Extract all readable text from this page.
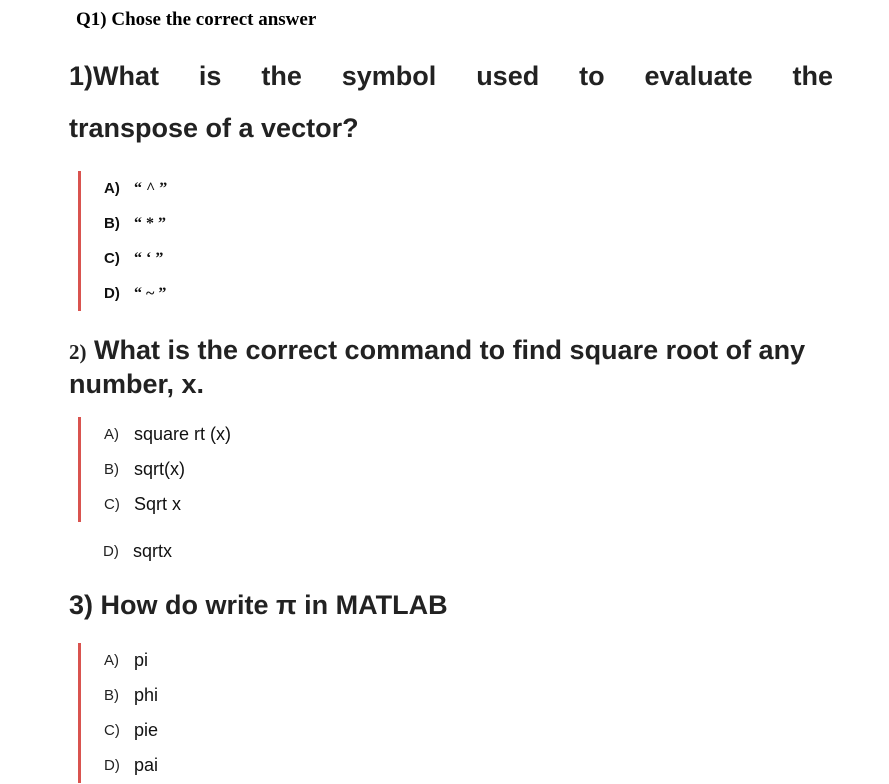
Q1) Chose the correct answer
1)What is the symbol used to evaluate the
transpose of a vector?
A) “ ^ ”
B) “ * ”
C) “ ‘ ”
D) “ ~ ”
2) What is the correct command to find square root of any number, x.
A) square rt (x)
B) sqrt(x)
C) Sqrt x
D) sqrtx
3) How do write π in MATLAB
A) pi
B) phi
C) pie
D) pai
